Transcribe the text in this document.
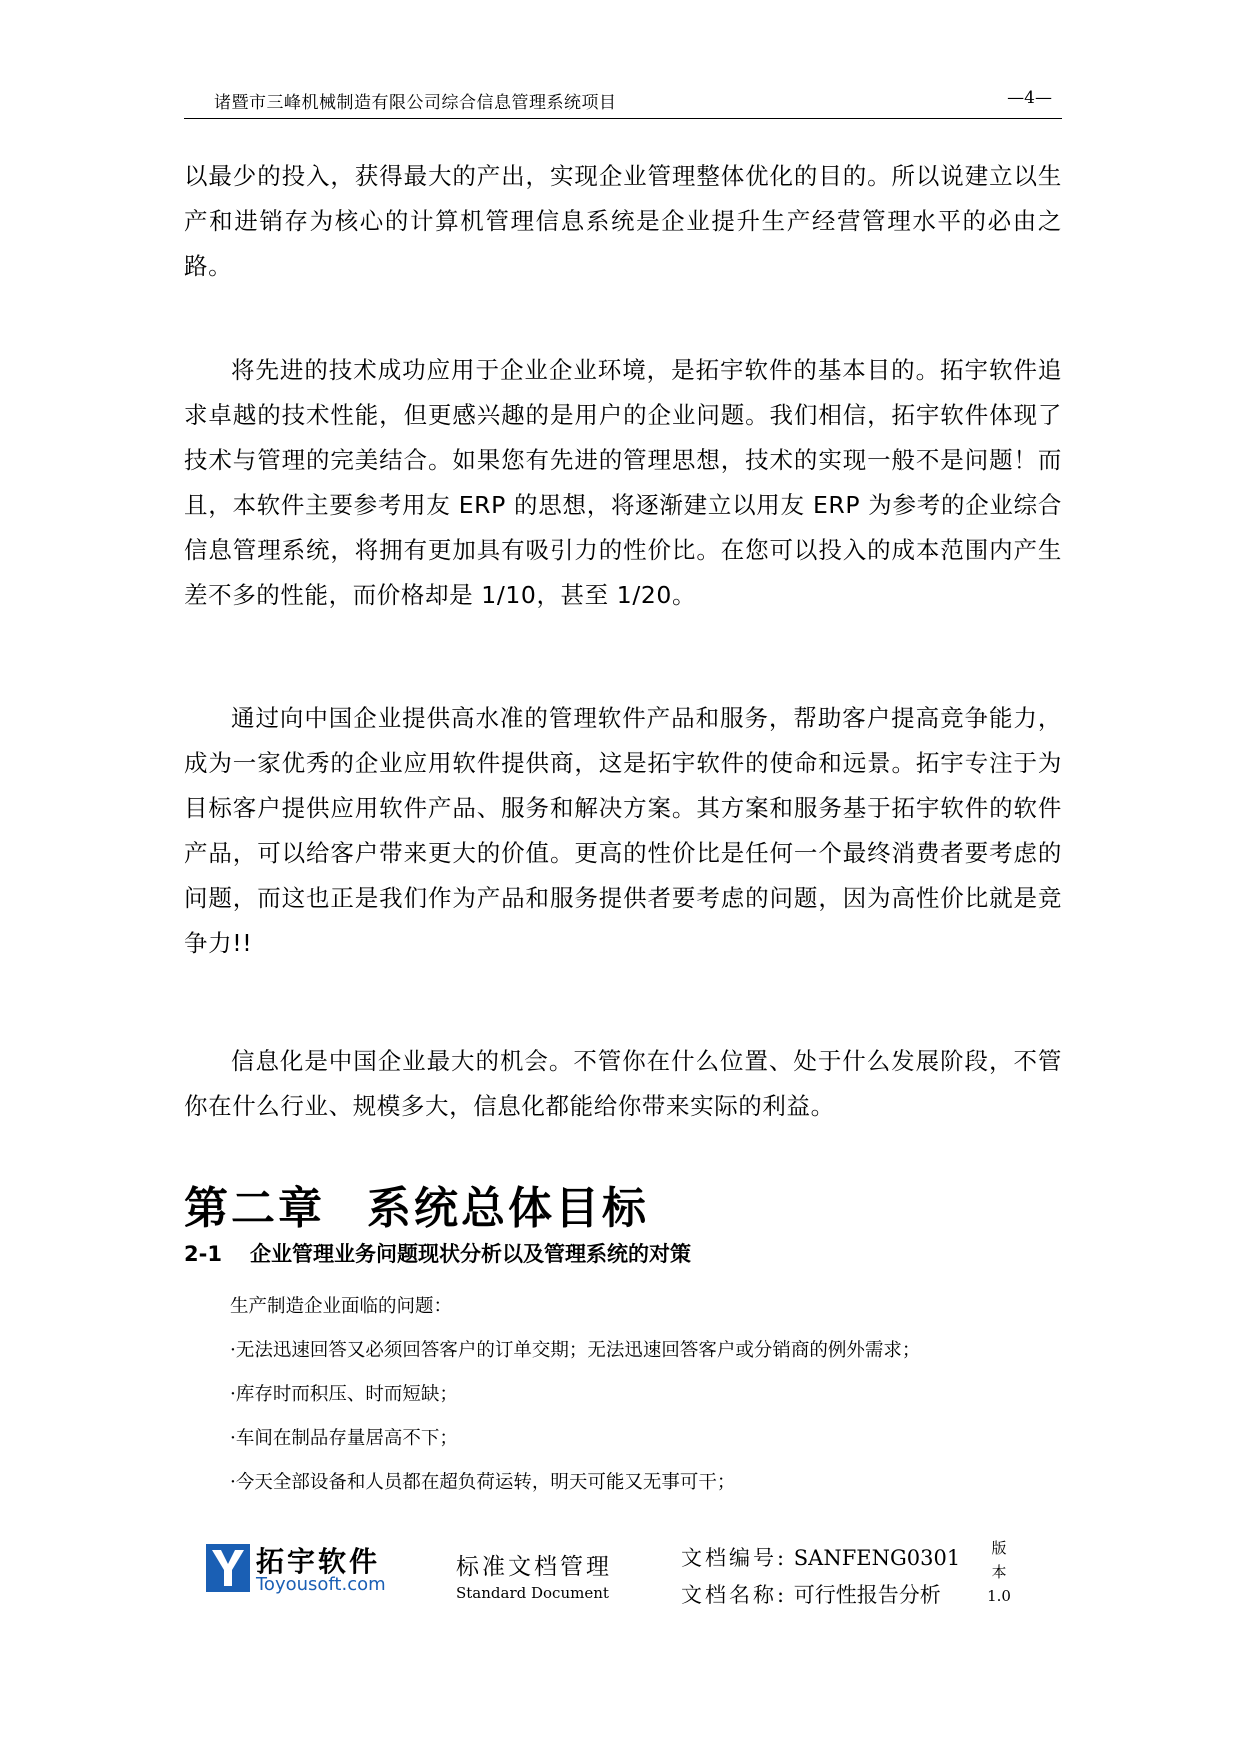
诸暨市三峰机械制造有限公司综合信息管理系统项目	—4—

以最少的投入，获得最大的产出，实现企业管理整体优化的目的。所以说建立以生产和进销存为核心的计算机管理信息系统是企业提升生产经营管理水平的必由之路。

将先进的技术成功应用于企业企业环境，是拓宇软件的基本目的。拓宇软件追求卓越的技术性能，但更感兴趣的是用户的企业问题。我们相信，拓宇软件体现了技术与管理的完美结合。如果您有先进的管理思想，技术的实现一般不是问题！而且，本软件主要参考用友 ERP 的思想，将逐渐建立以用友 ERP 为参考的企业综合信息管理系统，将拥有更加具有吸引力的性价比。在您可以投入的成本范围内产生差不多的性能，而价格却是 1/10，甚至 1/20。

通过向中国企业提供高水准的管理软件产品和服务，帮助客户提高竞争能力，成为一家优秀的企业应用软件提供商，这是拓宇软件的使命和远景。拓宇专注于为目标客户提供应用软件产品、服务和解决方案。其方案和服务基于拓宇软件的软件产品，可以给客户带来更大的价值。更高的性价比是任何一个最终消费者要考虑的问题，而这也正是我们作为产品和服务提供者要考虑的问题，因为高性价比就是竞争力!!

信息化是中国企业最大的机会。不管你在什么位置、处于什么发展阶段，不管你在什么行业、规模多大，信息化都能给你带来实际的利益。

第二章 系统总体目标
2-1 企业管理业务问题现状分析以及管理系统的对策
生产制造企业面临的问题：
·无法迅速回答又必须回答客户的订单交期；无法迅速回答客户或分销商的例外需求；
·库存时而积压、时而短缺；
·车间在制品存量居高不下；
·今天全部设备和人员都在超负荷运转，明天可能又无事可干；
拓宇软件
Toyousoft.com
标准文档管理
Standard Document
文档编号: SANFENG0301
文档名称: 可行性报告分析
版
本
1.0
